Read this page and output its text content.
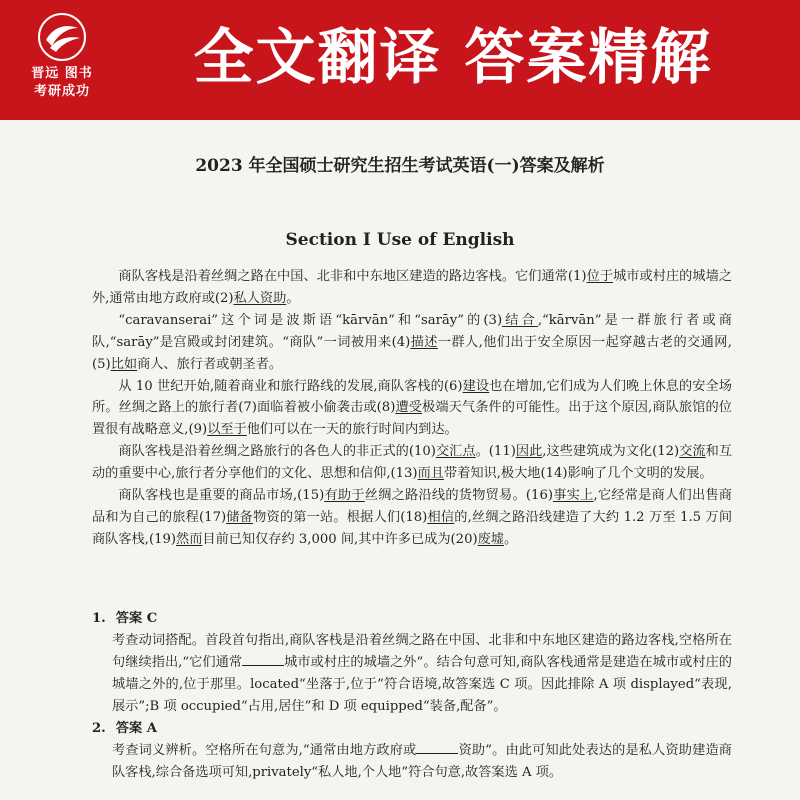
晋远 图书
考研成功	全文翻译 答案精解
2023 年全国硕士研究生招生考试英语(一)答案及解析
Section I Use of English

商队客栈是沿着丝绸之路在中国、北非和中东地区建造的路边客栈。它们通常(1)位于城市或村庄的城墙之外,通常由地方政府或(2)私人资助。

“caravanserai”这个词是波斯语“kārvān”和“sarāy”的(3)结合,“kārvān”是一群旅行者或商队,“sarāy”是宫殿或封闭建筑。“商队”一词被用来(4)描述一群人,他们出于安全原因一起穿越古老的交通网,(5)比如商人、旅行者或朝圣者。

从 10 世纪开始,随着商业和旅行路线的发展,商队客栈的(6)建设也在增加,它们成为人们晚上休息的安全场所。丝绸之路上的旅行者(7)面临着被小偷袭击或(8)遭受极端天气条件的可能性。出于这个原因,商队旅馆的位置很有战略意义,(9)以至于他们可以在一天的旅行时间内到达。

商队客栈是沿着丝绸之路旅行的各色人的非正式的(10)交汇点。(11)因此,这些建筑成为文化(12)交流和互动的重要中心,旅行者分享他们的文化、思想和信仰,(13)而且带着知识,极大地(14)影响了几个文明的发展。

商队客栈也是重要的商品市场,(15)有助于丝绸之路沿线的货物贸易。(16)事实上,它经常是商人们出售商品和为自己的旅程(17)储备物资的第一站。根据人们(18)相信的,丝绸之路沿线建造了大约 1.2 万至 1.5 万间商队客栈,(19)然而目前已知仅存约 3,000 间,其中许多已成为(20)废墟。

1. 答案 C

考查动词搭配。首段首句指出,商队客栈是沿着丝绸之路在中国、北非和中东地区建造的路边客栈,空格所在句继续指出,“它们通常	城市或村庄的城墙之外”。结合句意可知,商队客栈通常是建造在城市或村庄的城墙之外的,位于那里。located“坐落于,位于”符合语境,故答案选 C 项。因此排除 A 项 displayed“表现,展示”;B 项 occupied“占用,居住”和 D 项 equipped“装备,配备”。

2. 答案 A

考查词义辨析。空格所在句意为,“通常由地方政府或	资助”。由此可知此处表达的是私人资助建造商队客栈,综合备选项可知,privately“私人地,个人地”符合句意,故答案选 A 项。
